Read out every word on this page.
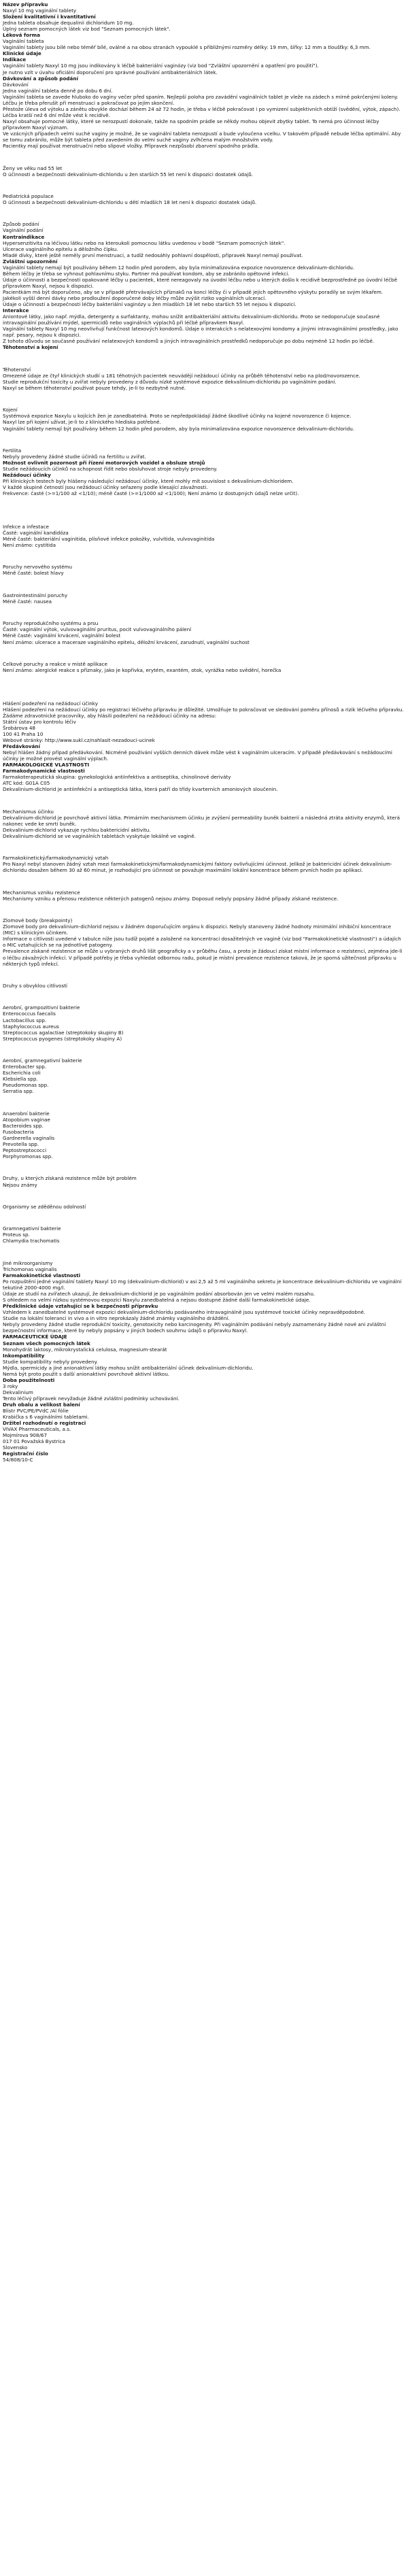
Název přípravku

Naxyl 10 mg vaginální tablety

Složení kvalitativní i kvantitativní

Jedna tableta obsahuje dequalinii dichloridum 10 mg.

Úplný seznam pomocných látek viz bod "Seznam pomocných látek".

Léková forma

Vaginální tableta

Vaginální tablety jsou bílé nebo téměř bílé, oválné a na obou stranách vypouklé s přibližnými rozměry délky: 19 mm, šířky: 12 mm a tloušťky: 6,3 mm.

Klinické údaje

Indikace

Vaginální tablety Naxyl 10 mg jsou indikovány k léčbě bakteriální vaginózy (viz bod "Zvláštní upozornění a opatření pro použití").

Je nutno vzít v úvahu oficiální doporučení pro správné používání antibakteriálních látek.

Dávkování a způsob podání

Dávkování

Jedna vaginální tableta denně po dobu 6 dní.

Vaginální tableta se zavede hluboko do vaginy večer před spaním. Nejlepší poloha pro zavádění vaginálních tablet je vleže na zádech s mírně pokrčenými koleny.

Léčbu je třeba přerušit při menstruaci a pokračovat po jejím skončení.

Přestože úleva od výtoku a zánětu obvykle dochází během 24 až 72 hodin, je třeba v léčbě pokračovat i po vymizení subjektivních obtíží (svědění, výtok, zápach). Léčba kratší než 6 dní může vést k recidivě.

Naxyl obsahuje pomocné látky, které se nerozpustí dokonale, takže na spodním prádle se někdy mohou objevit zbytky tablet. To nemá pro účinnost léčby přípravkem Naxyl význam.

Ve vzácných případech velmi suché vaginy je možné, že se vaginální tableta nerozpustí a bude vyloučena vcelku. V takovém případě nebude léčba optimální. Aby se tomu zabránilo, může být tableta před zavedením do velmi suché vaginy zvlhčena malým množstvím vody.

Pacientky mají používat menstruační nebo slipové vložky. Přípravek nezpůsobí zbarvení spodního prádla.

Ženy ve věku nad 55 let

O účinnosti a bezpečnosti dekvalinium-dichloridu u žen starších 55 let není k dispozici dostatek údajů.

Pediatrická populace

O účinnosti a bezpečnosti dekvalinium-dichloridu u dětí mladších 18 let není k dispozici dostatek údajů.

Způsob podání

Vaginální podání

Kontraindikace

Hypersenzitivita na léčivou látku nebo na kteroukoli pomocnou látku uvedenou v bodě "Seznam pomocných látek".

Ulcerace vaginálního epitelu a děložního čípku.

Mladé dívky, které ještě neměly první menstruaci, a tudíž nedosáhly pohlavní dospělosti, přípravek Naxyl nemají používat.

Zvláštní upozornění

Vaginální tablety nemají být používány během 12 hodin před porodem, aby byla minimalizována expozice novorozence dekvalinium-dichloridu.

Během léčby je třeba se vyhnout pohlavnímu styku. Partner má používat kondom, aby se zabránilo opětovné infekci.

Údaje o účinnosti a bezpečnosti opakované léčby u pacientek, které nereagovaly na úvodní léčbu nebo u kterých došlo k recidivě bezprostředně po úvodní léčbě přípravkem Naxyl, nejsou k dispozici.

Pacientkám má být doporučeno, aby se v případě přetrvávajících příznaků na konci léčby či v případě jejich opětovného výskytu poradily se svým lékařem.

Jakékoli vyšší denní dávky nebo prodloužení doporučené doby léčby může zvýšit riziko vaginálních ulcerací.

Údaje o účinnosti a bezpečnosti léčby bakteriální vaginózy u žen mladších 18 let nebo starších 55 let nejsou k dispozici.

Interakce

Aniontové látky, jako např. mýdla, detergenty a surfaktanty, mohou snížit antibakteriální aktivitu dekvalinium-dichloridu. Proto se nedoporučuje současné intravaginální používání mýdel, spermicidů nebo vaginálních výplachů při léčbě přípravkem Naxyl.

Vaginální tablety Naxyl 10 mg neovlivňují funkčnost latexových kondomů. Údaje o interakcích s nelatexovými kondomy a jinými intravaginálními prostředky, jako např. pesary, nejsou k dispozici.

Z tohoto důvodu se současné používání nelatexových kondomů a jiných intravaginálních prostředků nedoporučuje po dobu nejméně 12 hodin po léčbě.

Těhotenství a kojení

Těhotenství

Omezené údaje ze čtyř klinických studií u 181 těhotných pacientek neuvádějí nežádoucí účinky na průběh těhotenství nebo na plod/novorozence.

Studie reprodukční toxicity u zvířat nebyly provedeny z důvodu nízké systémové expozice dekvalinium-dichloridu po vaginálním podání.

Naxyl se během těhotenství používat pouze tehdy, je-li to nezbytně nutné.

Kojení

Systémová expozice Naxylu u kojících žen je zanedbatelná. Proto se nepředpokládají žádné škodlivé účinky na kojené novorozence či kojence.

Naxyl lze při kojení užívat, je-li to z klinického hlediska potřebné.

Vaginální tablety nemají být používány během 12 hodin před porodem, aby byla minimalizována expozice novorozence dekvalinium-dichloridu.

Fertilita

Nebyly provedeny žádné studie účinků na fertilitu u zvířat.

Možnost ovlivnit pozornost při řízení motorových vozidel a obsluze strojů

Studie nežádoucích účinků na schopnost řídit nebo obsluhovat stroje nebyly provedeny.

Nežádoucí účinky

Při klinických testech byly hlášeny následující nežádoucí účinky, které mohly mít souvislost s dekvalinium-dichloridem.

V každé skupině četností jsou nežádoucí účinky seřazeny podle klesající závažnosti.

Frekvence: časté (>=1/100 až <1/10); méně časté (>=1/1000 až <1/100); Není známo (z dostupných údajů nelze určit).

Infekce a infestace

Časté: vaginální kandidóza

Méně časté: bakteriální vaginitida, plísňové infekce pokožky, vulvitida, vulvovaginitida

Není známo: cystitida

Poruchy nervového systému

Méně časté: bolest hlavy

Gastrointestinální poruchy

Méně časté: nausea

Poruchy reprodukčního systému a prsu

Časté: vaginální výtok, vulvovaginální pruritus, pocit vulvovaginálního pálení

Méně časté: vaginální krvácení, vaginální bolest

Není známo: ulcerace a maceraze vaginálního epitelu, děložní krvácení, zarudnutí, vaginální suchost

Celkové poruchy a reakce v místě aplikace

Není známo: alergické reakce s příznaky, jako je kopřivka, erytém, exantém, otok, vyrážka nebo svědění, horečka

Hlášení podezření na nežádoucí účinky

Hlášení podezření na nežádoucí účinky po registraci léčivého přípravku je důležité. Umožňuje to pokračovat ve sledování poměru přínosů a rizik léčivého přípravku. Žádáme zdravotnické pracovníky, aby hlásili podezření na nežádoucí účinky na adresu:

Státní ústav pro kontrolu léčiv

Šrobárova 48

100 41 Praha 10

Webové stránky: http://www.sukl.cz/nahlasit-nezadouci-ucinek

Předávkování

Nebyl hlášen žádný případ předávkování. Nicméně používání vyšších denních dávek může vést k vaginálním ulceracím. V případě předávkování s nežádoucími účinky je možné provést vaginální výplach.

FARMAKOLOGICKÉ VLASTNOSTI

Farmakodynamické vlastnosti

Farmakoterapeutická skupina: gynekologická antiinfektiva a antiseptika, chinolinové deriváty

ATC kód: G01A C05

Dekvalinium-dichlorid je antiinfekční a antiseptická látka, která patří do třídy kvarterních amoniových sloučenin.

Mechanismus účinku

Dekvalinium-dichlorid je povrchově aktivní látka. Primárním mechanismem účinku je zvýšení permeability buněk bakterií a následná ztráta aktivity enzymů, která nakonec vede ke smrti buněk.

Dekvalinium-dichlorid vykazuje rychlou baktericidní aktivitu.

Dekvalinium-dichlorid se ve vaginálních tabletách vyskytuje lokálně ve vagině.

Farmakokinetický/farmakodynamický vztah

Pro Naxyl nebyl stanoven žádný vztah mezi farmakokinetickými/farmakodynamickými faktory ovlivňujícími účinnost. Jelikož je baktericidní účinek dekvalinium-dichloridu dosažen během 30 až 60 minut, je rozhodující pro účinnost se považuje maximální lokální koncentrace během prvních hodin po aplikaci.

Mechanismus vzniku rezistence

Mechanismy vzniku a přenosu rezistence některých patogenů nejsou známy. Doposud nebyly popsány žádné případy získané rezistence.

Zlomové body (breakpointy)

Zlomové body pro dekvalinium-dichlorid nejsou v žádném doporučujícím orgánu k dispozici. Nebyly stanoveny žádné hodnoty minimální inhibiční koncentrace (MIC) s klinickým účinkem.

Informace o citlivosti uvedené v tabulce níže jsou tudíž pojaté a založené na koncentraci dosažitelných ve vagině (viz bod "Farmakokinetické vlastnosti") a údajích o MIC vztahujících se na jednotlivé patogeny.

Prevalence získané rezistence se může u vybraných druhů lišit geograficky a v průběhu času, a proto je žádoucí získat místní informace o rezistenci, zejména jde-li o léčbu závažných infekcí. V případě potřeby je třeba vyhledat odbornou radu, pokud je místní prevalence rezistence taková, že je sporná užitečnost přípravku u některých typů infekcí.

Druhy s obvyklou citlivostí

Aerobní, grampozitivní bakterie

Enterococcus faecalis

Lactobacillus spp.

Staphylococcus aureus

Streptococcus agalactiae (streptokoky skupiny B)

Streptococcus pyogenes (streptokoky skupiny A)

Aerobní, gramnegativní bakterie

Enterobacter spp.

Escherichia coli

Klebsiella spp.

Pseudomonas spp.

Serratia spp.

Anaerobní bakterie

Atopobium vaginae

Bacteroides spp.

Fusobacteria

Gardnerella vaginalis

Prevotella spp.

Peptostreptococci

Porphyromonas spp.

Druhy, u kterých získaná rezistence může být problém

Nejsou známy

Organismy se zděděnou odolností

Gramnegativní bakterie

Proteus sp.

Chlamydia trachomatis

Jiné mikroorganismy

Trichomonas vaginalis

Farmakokinetické vlastnosti

Po rozpuštění jedné vaginální tablety Naxyl 10 mg (dekvalinium-dichlorid) v asi 2,5 až 5 ml vaginálního sekretu je koncentrace dekvalinium-dichloridu ve vaginální tekutině 2000-4000 mg/l.

Údaje ze studií na zvířatech ukazují, že dekvalinium-dichlorid je po vaginálním podání absorbován jen ve velmi malém rozsahu.

S ohledem na velmi nízkou systémovou expozici Naxylu zanedbatelná a nejsou dostupné žádné další farmakokinetické údaje.

Předklinické údaje vztahující se k bezpečnosti přípravku

Vzhledem k zanedbatelné systémové expozici dekvalinium-dichloridu podávaného intravaginálně jsou systémové toxické účinky nepravděpodobné.

Studie na lokální toleranci in vivo a in vitro neprokázaly žádné známky vaginálního dráždění.

Nebyly provedeny žádné studie reprodukční toxicity, genotoxicity nebo karcinogenity. Při vaginálním podávání nebyly zaznamenány žádné nové ani zvláštní bezpečnostní informace, které by nebyly popsány v jiných bodech souhrnu údajů o přípravku Naxyl.

FARMACEUTICKÉ ÚDAJE

Seznam všech pomocných látek

Monohydrát laktosy, mikrokrystalická celulosa, magnesium-stearát

Inkompatibility

Studie kompatibility nebyly provedeny.

Mýdla, spermicidy a jiné anionaktivní látky mohou snížit antibakteriální účinek dekvalinium-dichloridu.

Nemá být proto použit s další anionaktivní povrchově aktivní látkou.

Doba použitelnosti

3 roky

Dekvalinium

Tento léčivý přípravek nevyžaduje žádné zvláštní podmínky uchovávání.

Druh obalu a velikost balení

Blistr PVC/PE/PVdC /Al fólie

Krabička s 6 vaginálními tabletami.

Držitel rozhodnutí o registraci

VIVAX Pharmaceuticals, a.s.

Mojmírova 908/67

017 01 Považská Bystrica

Slovensko

Registrační číslo

54/808/10-C
